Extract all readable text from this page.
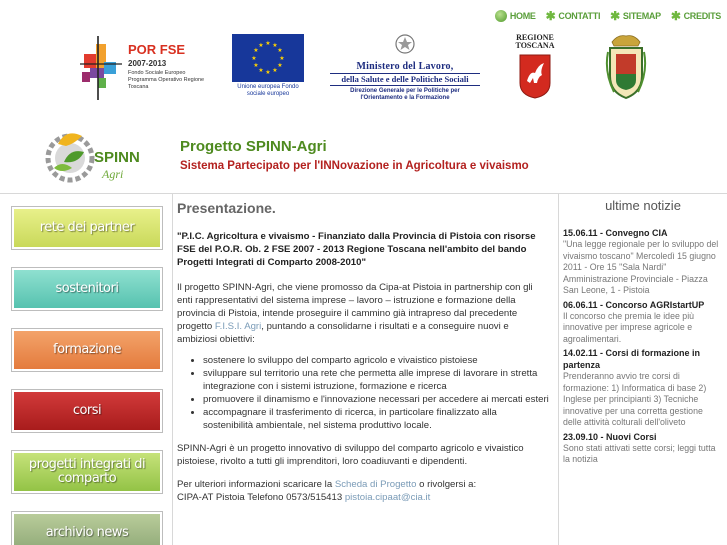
HOME ✱ CONTATTI ✱ SITEMAP ✱ CREDITS
POR FSE
2007-2013
Fondo Sociale Europeo Programma Operativo Regione Toscana
★ ★
★
★
★
★
★
★
★
★
★
★
Unione europea Fondo sociale europeo
Ministero del Lavoro,
della Salute e delle Politiche Sociali
Direzione Generale per le Politiche per l'Orientamento e la Formazione
REGIONE
TOSCANA
SPINN
Agri
Progetto SPINN-Agri
Sistema Partecipato per l'INNovazione in Agricoltura e vivaismo
rete dei partner
sostenitori
formazione
corsi
progetti integrati di comparto
archivio news
Presentazione.

"P.I.C. Agricoltura e vivaismo - Finanziato dalla Provincia di Pistoia con risorse FSE del P.O.R. Ob. 2 FSE 2007 - 2013 Regione Toscana nell'ambito del bando Progetti Integrati di Comparto 2008-2010"

Il progetto SPINN-Agri, che viene promosso da Cipa-at Pistoia in partnership con gli enti rappresentativi del sistema imprese – lavoro – istruzione e formazione della provincia di Pistoia, intende proseguire il cammino già intrapreso dal precedente progetto F.I.S.I. Agri, puntando a consolidarne i risultati e a conseguire nuovi e ambiziosi obiettivi:

• sostenere lo sviluppo del comparto agricolo e vivaistico pistoiese
• sviluppare sul territorio una rete che permetta alle imprese di lavorare in stretta integrazione con i sistemi istruzione, formazione e ricerca
• promuovere il dinamismo e l'innovazione necessari per accedere ai mercati esteri
• accompagnare il trasferimento di ricerca, in particolare finalizzato alla sostenibilità ambientale, nel sistema produttivo locale.

SPINN-Agri è un progetto innovativo di sviluppo del comparto agricolo e vivaistico pistoiese, rivolto a tutti gli imprenditori, loro coadiuvanti e dipendenti.

Per ulteriori informazioni scaricare la Scheda di Progetto o rivolgersi a:
CIPA-AT Pistoia Telefono 0573/515413 pistoia.cipaat@cia.it

ultime notizie
15.06.11 - Convegno CIA
"Una legge regionale per lo sviluppo del vivaismo toscano" Mercoledì 15 giugno 2011 - Ore 15 "Sala Nardi" Amministrazione Provinciale - Piazza San Leone, 1 - Pistoia
06.06.11 - Concorso AGRIstartUP
Il concorso che premia le idee più innovative per imprese agricole e agroalimentari.
14.02.11 - Corsi di formazione in partenza
Prenderanno avvio tre corsi di formazione: 1) Informatica di base 2) Inglese per principianti 3) Tecniche innovative per una corretta gestione delle attività colturali dell'oliveto
23.09.10 - Nuovi Corsi
Sono stati attivati sette corsi; leggi tutta la notizia
